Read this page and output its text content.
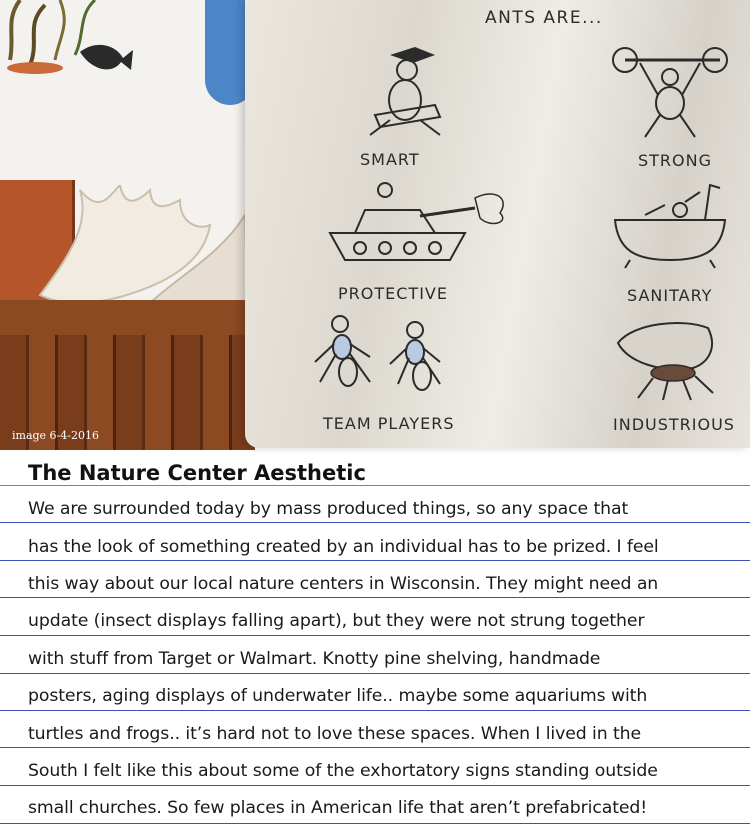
ANTS ARE...
SMART	STRONG
PROTECTIVE	SANITARY
TEAM PLAYERS	INDUSTRIOUS
image 6-4-2016
The Nature Center Aesthetic
We are surrounded today by mass produced things, so any space that
has the look of something created by an individual has to be prized. I feel
this way about our local nature centers in Wisconsin. They might need an
update (insect displays falling apart), but they were not strung together
with stuff from Target or Walmart. Knotty pine shelving, handmade
posters, aging displays of underwater life.. maybe some aquariums with
turtles and frogs.. it’s hard not to love these spaces. When I lived in the
South I felt like this about some of the exhortatory signs standing outside
small churches. So few places in American life that aren’t prefabricated!
